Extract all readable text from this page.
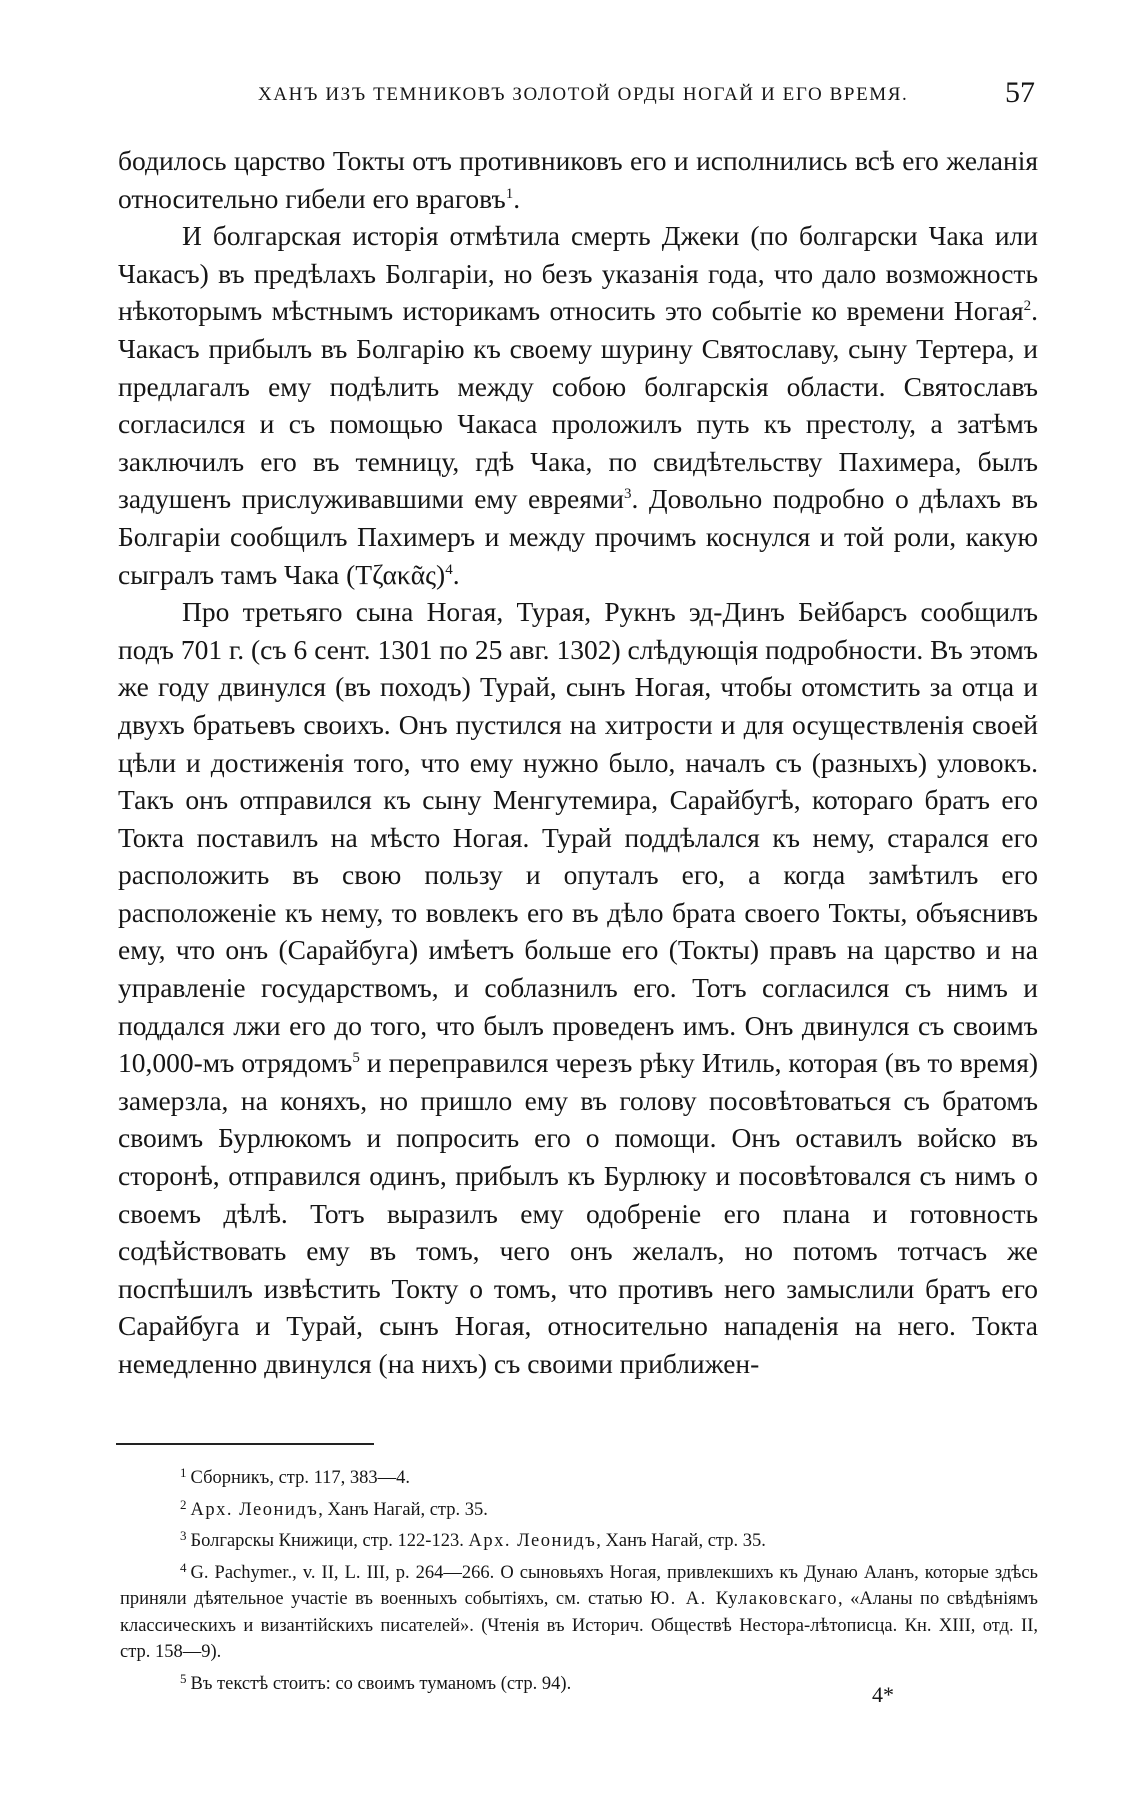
ХАНЪ ИЗЪ ТЕМНИКОВЪ ЗОЛОТОЙ ОРДЫ НОГАЙ И ЕГО ВРЕМЯ.	57

бодилось царство Токты отъ противниковъ его и исполнились всѣ его желанія относительно гибели его враговъ$^1$.

И болгарская исторія отмѣтила смерть Джеки (по болгарски Чака или Чакасъ) въ предѣлахъ Болгаріи, но безъ указанія года, что дало возможность нѣкоторымъ мѣстнымъ историкамъ относить это событіе ко времени Ногая$^2$. Чакасъ прибылъ въ Болгарію къ своему шурину Святославу, сыну Тертера, и предлагалъ ему подѣлить между собою болгарскія области. Святославъ согласился и съ помощью Чакаса проложилъ путь къ престолу, а затѣмъ заключилъ его въ темницу, гдѣ Чака, по свидѣтельству Пахимера, былъ задушенъ прислуживавшими ему евреями$^3$. Довольно подробно о дѣлахъ въ Болгаріи сообщилъ Пахимеръ и между прочимъ коснулся и той роли, какую сыгралъ тамъ Чака (Τζακᾶς)$^4$.

Про третьяго сына Ногая, Турая, Рукнъ эд-Динъ Бейбарсъ сообщилъ подъ 701 г. (съ 6 сент. 1301 по 25 авг. 1302) слѣдующія подробности. Въ этомъ же году двинулся (въ походъ) Турай, сынъ Ногая, чтобы отомстить за отца и двухъ братьевъ своихъ. Онъ пустился на хитрости и для осуществленія своей цѣли и достиженія того, что ему нужно было, началъ съ (разныхъ) уловокъ. Такъ онъ отправился къ сыну Менгутемира, Сарайбугѣ, котораго братъ его Токта поставилъ на мѣсто Ногая. Турай поддѣлался къ нему, старался его расположить въ свою пользу и опуталъ его, а когда замѣтилъ его расположеніе къ нему, то вовлекъ его въ дѣло брата своего Токты, объяснивъ ему, что онъ (Сарайбуга) имѣетъ больше его (Токты) правъ на царство и на управленіе государствомъ, и соблазнилъ его. Тотъ согласился съ нимъ и поддался лжи его до того, что былъ проведенъ имъ. Онъ двинулся съ своимъ 10,000-мъ отрядомъ$^5$ и переправился черезъ рѣку Итиль, которая (въ то время) замерзла, на коняхъ, но пришло ему въ голову посовѣтоваться съ братомъ своимъ Бурлюкомъ и попросить его о помощи. Онъ оставилъ войско въ сторонѣ, отправился одинъ, прибылъ къ Бурлюку и посовѣтовался съ нимъ о своемъ дѣлѣ. Тотъ выразилъ ему одобреніе его плана и готовность содѣйствовать ему въ томъ, чего онъ желалъ, но потомъ тотчасъ же поспѣшилъ извѣстить Токту о томъ, что противъ него замыслили братъ его Сарайбуга и Турай, сынъ Ногая, относительно нападенія на него. Токта немедленно двинулся (на нихъ) съ своими приближен-

$^1$ Сборникъ, стр. 117, 383—4.

$^2$ Арх. Леонидъ, Ханъ Нагай, стр. 35.

$^3$ Болгарскы Книжици, стр. 122-123. Арх. Леонидъ, Ханъ Нагай, стр. 35.

$^4$ G. Pachymer., v. II, L. III, p. 264—266. О сыновьяхъ Ногая, привлекшихъ къ Дунаю Аланъ, которые здѣсь приняли дѣятельное участіе въ военныхъ событіяхъ, см. статью Ю. А. Кулаковскаго, «Аланы по свѣдѣніямъ классическихъ и византійскихъ писателей». (Чтенія въ Историч. Обществѣ Нестора-лѣтописца. Кн. XIII, отд. II, стр. 158—9).

$^5$ Въ текстѣ стоитъ: со своимъ туманомъ (стр. 94).	4*
